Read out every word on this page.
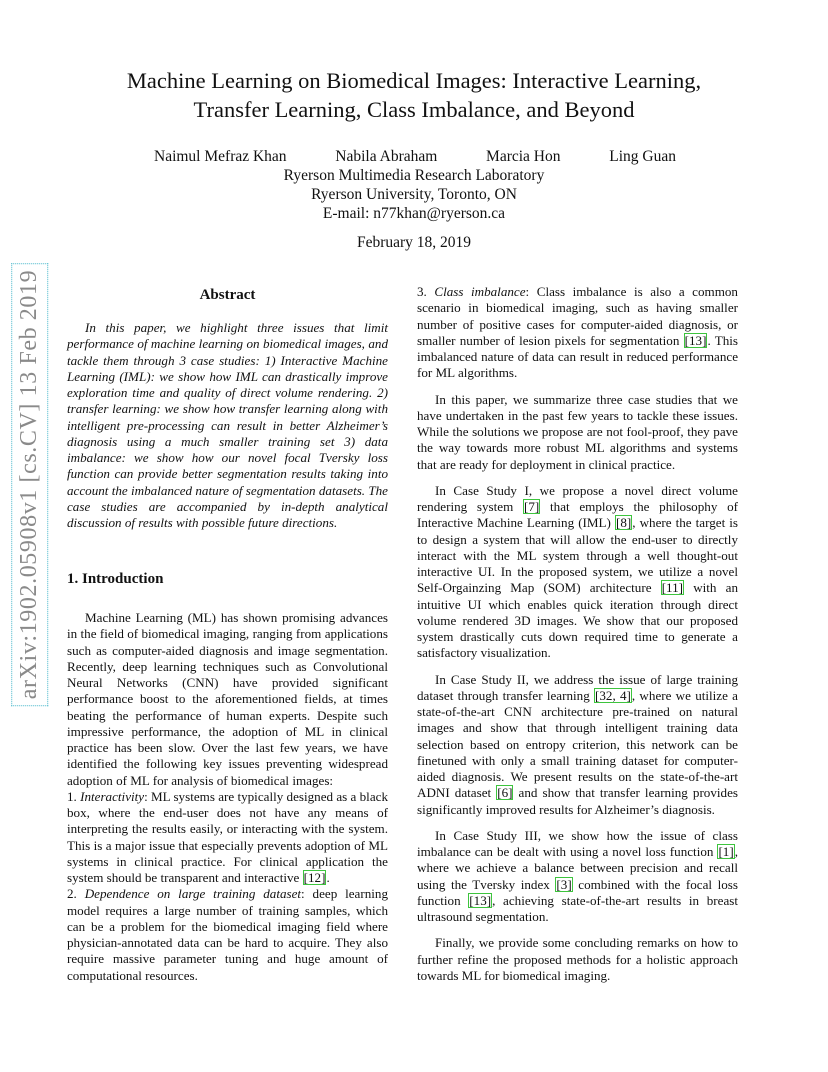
arXiv:1902.05908v1 [cs.CV] 13 Feb 2019
Machine Learning on Biomedical Images: Interactive Learning,
Transfer Learning, Class Imbalance, and Beyond
Naimul Mefraz Khan	Nabila Abraham	Marcia Hon	Ling Guan
Ryerson Multimedia Research Laboratory
Ryerson University, Toronto, ON
E-mail: n77khan@ryerson.ca
February 18, 2019
Abstract

In this paper, we highlight three issues that limit performance of machine learning on biomedical images, and tackle them through 3 case studies: 1) Interactive Machine Learning (IML): we show how IML can drastically improve exploration time and quality of direct volume rendering. 2) transfer learning: we show how transfer learning along with intelligent pre-processing can result in better Alzheimer’s diagnosis using a much smaller training set 3) data imbalance: we show how our novel focal Tversky loss function can provide better segmentation results taking into account the imbalanced nature of segmentation datasets. The case studies are accompanied by in-depth analytical discussion of results with possible future directions.

1. Introduction

Machine Learning (ML) has shown promising advances in the field of biomedical imaging, ranging from applications such as computer-aided diagnosis and image segmentation. Recently, deep learning techniques such as Convolutional Neural Networks (CNN) have provided significant performance boost to the aforementioned fields, at times beating the performance of human experts. Despite such impressive performance, the adoption of ML in clinical practice has been slow. Over the last few years, we have identified the following key issues preventing widespread adoption of ML for analysis of biomedical images:

1. Interactivity: ML systems are typically designed as a black box, where the end-user does not have any means of interpreting the results easily, or interacting with the system. This is a major issue that especially prevents adoption of ML systems in clinical practice. For clinical application the system should be transparent and interactive [12].

2. Dependence on large training dataset: deep learning model requires a large number of training samples, which can be a problem for the biomedical imaging field where physician-annotated data can be hard to acquire. They also require massive parameter tuning and huge amount of computational resources.

3. Class imbalance: Class imbalance is also a common scenario in biomedical imaging, such as having smaller number of positive cases for computer-aided diagnosis, or smaller number of lesion pixels for segmentation [13]. This imbalanced nature of data can result in reduced performance for ML algorithms.

In this paper, we summarize three case studies that we have undertaken in the past few years to tackle these issues. While the solutions we propose are not fool-proof, they pave the way towards more robust ML algorithms and systems that are ready for deployment in clinical practice.

In Case Study I, we propose a novel direct volume rendering system [7] that employs the philosophy of Interactive Machine Learning (IML) [8], where the target is to design a system that will allow the end-user to directly interact with the ML system through a well thought-out interactive UI. In the proposed system, we utilize a novel Self-Orgainzing Map (SOM) architecture [11] with an intuitive UI which enables quick iteration through direct volume rendered 3D images. We show that our proposed system drastically cuts down required time to generate a satisfactory visualization.

In Case Study II, we address the issue of large training dataset through transfer learning [32, 4], where we utilize a state-of-the-art CNN architecture pre-trained on natural images and show that through intelligent training data selection based on entropy criterion, this network can be finetuned with only a small training dataset for computer-aided diagnosis. We present results on the state-of-the-art ADNI dataset [6] and show that transfer learning provides significantly improved results for Alzheimer’s diagnosis.

In Case Study III, we show how the issue of class imbalance can be dealt with using a novel loss function [1], where we achieve a balance between precision and recall using the Tversky index [3] combined with the focal loss function [13], achieving state-of-the-art results in breast ultrasound segmentation.

Finally, we provide some concluding remarks on how to further refine the proposed methods for a holistic approach towards ML for biomedical imaging.
